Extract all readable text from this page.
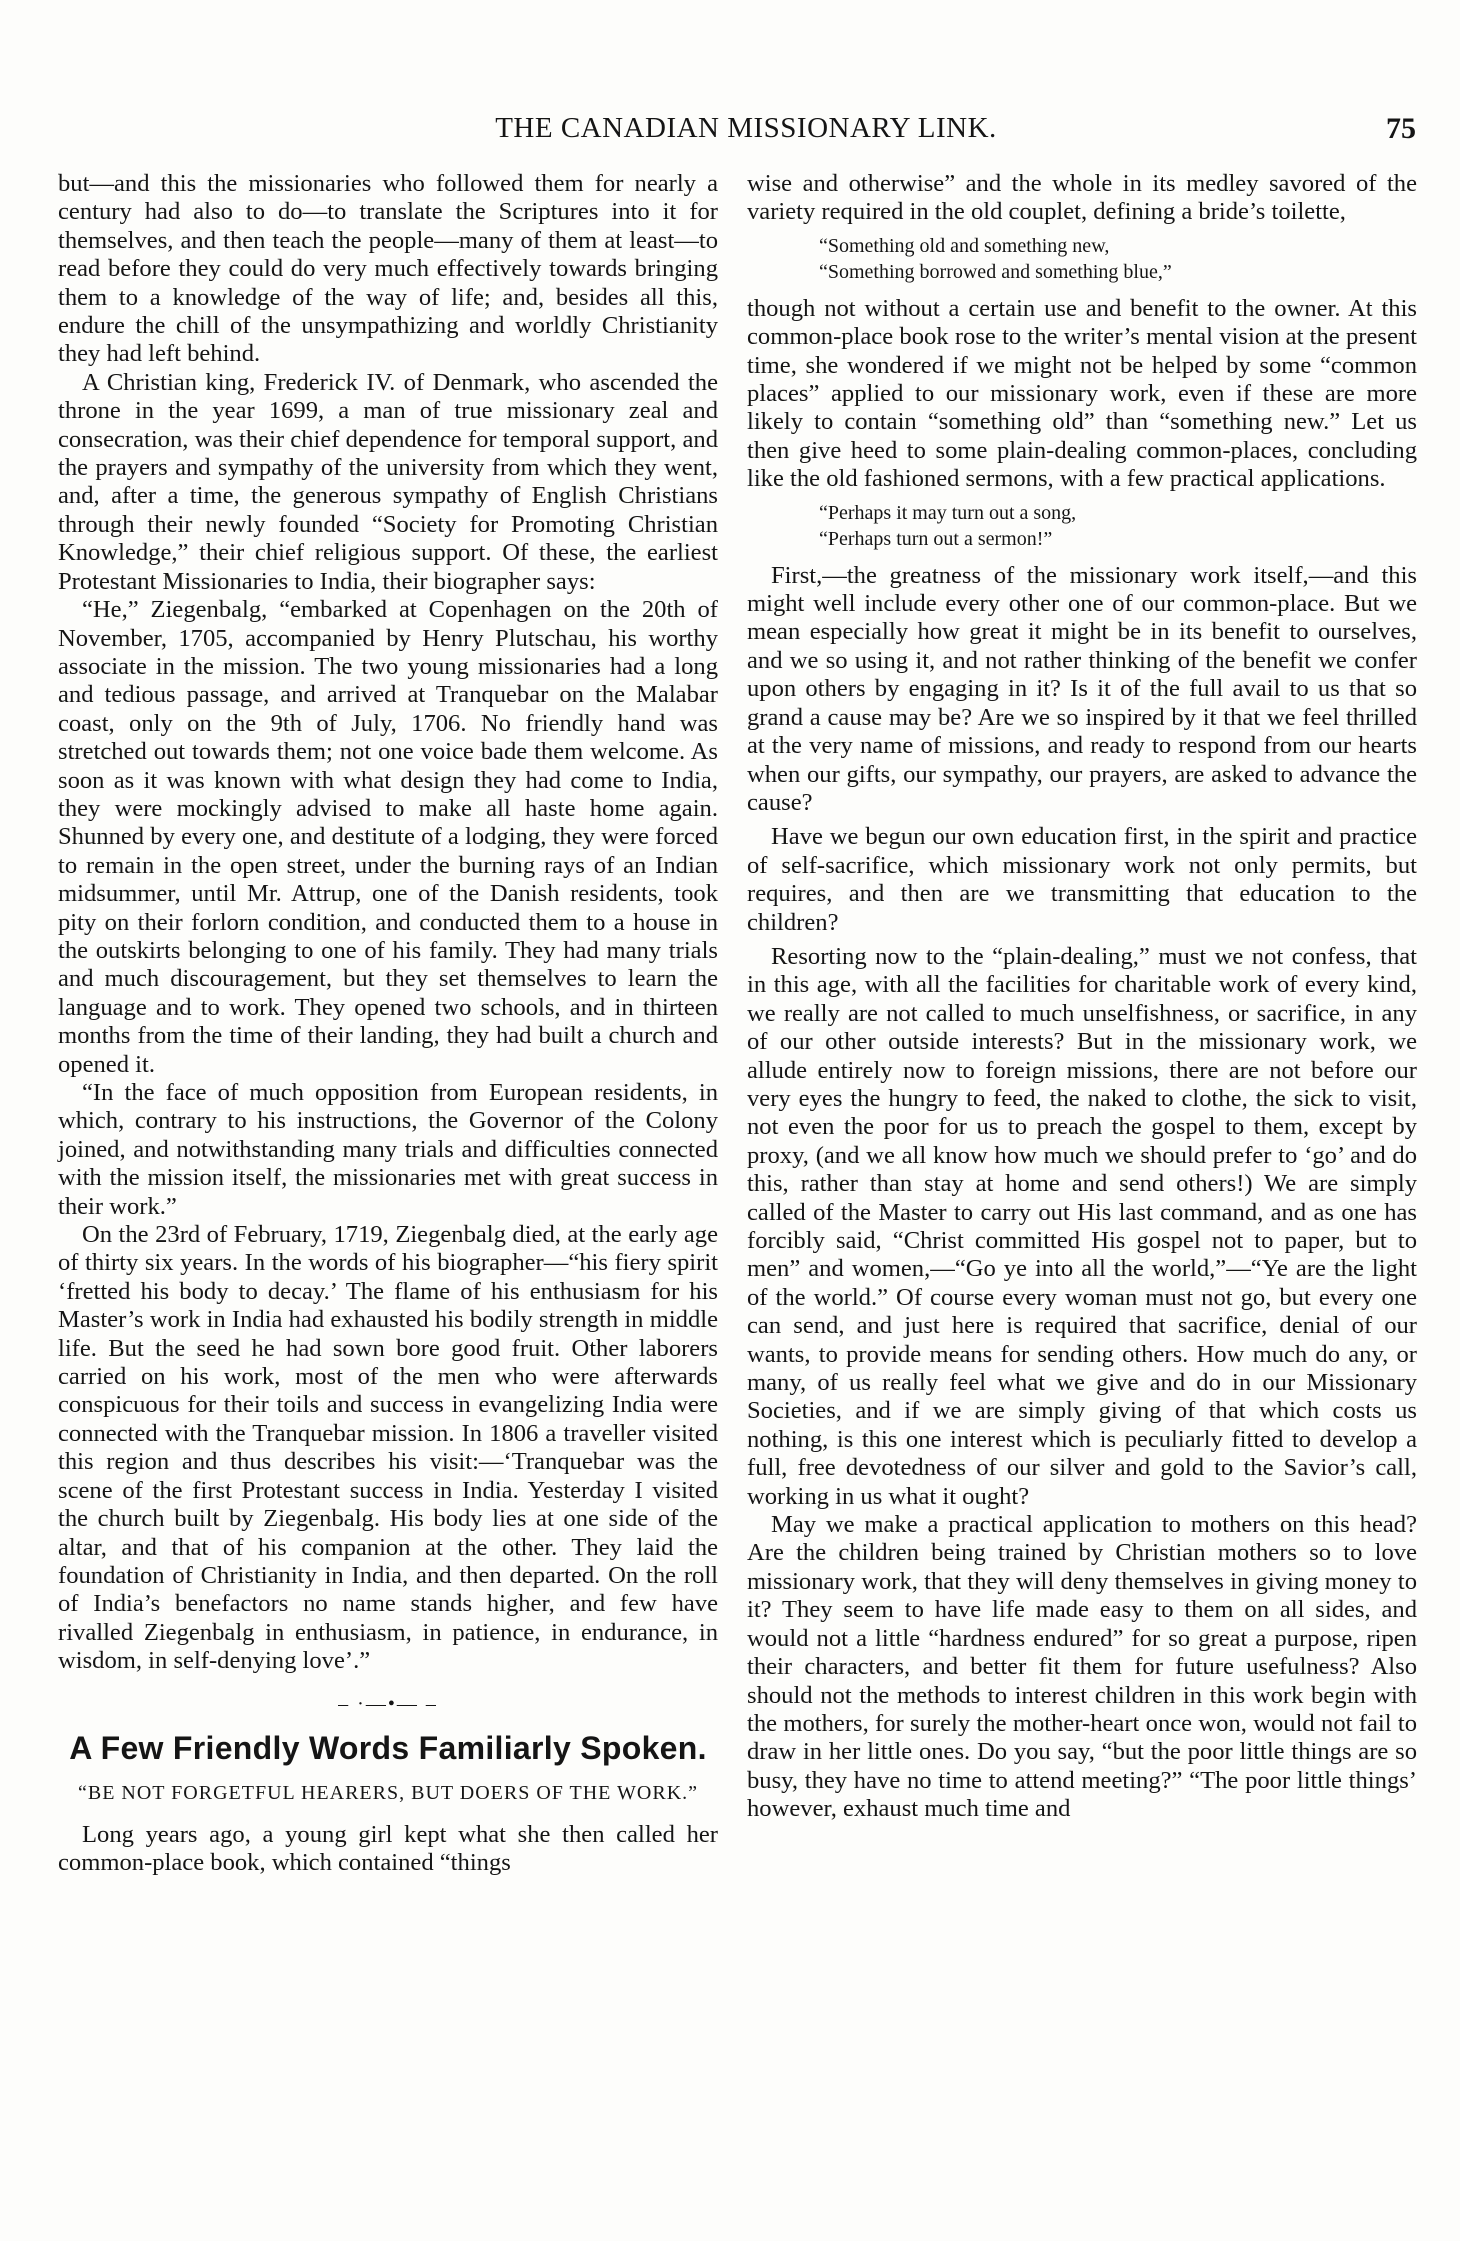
THE CANADIAN MISSIONARY LINK.	75

but—and this the missionaries who followed them for nearly a century had also to do—to translate the Scriptures into it for themselves, and then teach the people—many of them at least—to read before they could do very much effectively towards bringing them to a knowledge of the way of life; and, besides all this, endure the chill of the unsympathizing and worldly Christianity they had left behind.

A Christian king, Frederick IV. of Denmark, who ascended the throne in the year 1699, a man of true missionary zeal and consecration, was their chief dependence for temporal support, and the prayers and sympathy of the university from which they went, and, after a time, the generous sympathy of English Christians through their newly founded “Society for Promoting Christian Knowledge,” their chief religious support. Of these, the earliest Protestant Missionaries to India, their biographer says:

“He,” Ziegenbalg, “embarked at Copenhagen on the 20th of November, 1705, accompanied by Henry Plutschau, his worthy associate in the mission. The two young missionaries had a long and tedious passage, and arrived at Tranquebar on the Malabar coast, only on the 9th of July, 1706. No friendly hand was stretched out towards them; not one voice bade them welcome. As soon as it was known with what design they had come to India, they were mockingly advised to make all haste home again. Shunned by every one, and destitute of a lodging, they were forced to remain in the open street, under the burning rays of an Indian midsummer, until Mr. Attrup, one of the Danish residents, took pity on their forlorn condition, and conducted them to a house in the outskirts belonging to one of his family. They had many trials and much discouragement, but they set themselves to learn the language and to work. They opened two schools, and in thirteen months from the time of their landing, they had built a church and opened it.

“In the face of much opposition from European residents, in which, contrary to his instructions, the Governor of the Colony joined, and notwithstanding many trials and difficulties connected with the mission itself, the missionaries met with great success in their work.”

On the 23rd of February, 1719, Ziegenbalg died, at the early age of thirty six years. In the words of his biographer—“his fiery spirit ‘fretted his body to decay.’ The flame of his enthusiasm for his Master’s work in India had exhausted his bodily strength in middle life. But the seed he had sown bore good fruit. Other laborers carried on his work, most of the men who were afterwards conspicuous for their toils and success in evangelizing India were connected with the Tranquebar mission. In 1806 a traveller visited this region and thus describes his visit:—‘Tranquebar was the scene of the first Protestant success in India. Yesterday I visited the church built by Ziegenbalg. His body lies at one side of the altar, and that of his companion at the other. They laid the foundation of Christianity in India, and then departed. On the roll of India’s benefactors no name stands higher, and few have rivalled Ziegenbalg in enthusiasm, in patience, in endurance, in wisdom, in self-denying love’.”

– ·—•— –
A Few Friendly Words Familiarly Spoken.
“BE NOT FORGETFUL HEARERS, BUT DOERS OF THE WORK.”

Long years ago, a young girl kept what she then called her common-place book, which contained “things

wise and otherwise” and the whole in its medley savored of the variety required in the old couplet, defining a bride’s toilette,

“Something old and something new,
“Something borrowed and something blue,”

though not without a certain use and benefit to the owner. At this common-place book rose to the writer’s mental vision at the present time, she wondered if we might not be helped by some “common places” applied to our missionary work, even if these are more likely to contain “something old” than “something new.” Let us then give heed to some plain-dealing common-places, concluding like the old fashioned sermons, with a few practical applications.

“Perhaps it may turn out a song,
“Perhaps turn out a sermon!”

First,—the greatness of the missionary work itself,—and this might well include every other one of our common-place. But we mean especially how great it might be in its benefit to ourselves, and we so using it, and not rather thinking of the benefit we confer upon others by engaging in it? Is it of the full avail to us that so grand a cause may be? Are we so inspired by it that we feel thrilled at the very name of missions, and ready to respond from our hearts when our gifts, our sympathy, our prayers, are asked to advance the cause?

Have we begun our own education first, in the spirit and practice of self-sacrifice, which missionary work not only permits, but requires, and then are we transmitting that education to the children?

Resorting now to the “plain-dealing,” must we not confess, that in this age, with all the facilities for charitable work of every kind, we really are not called to much unselfishness, or sacrifice, in any of our other outside interests? But in the missionary work, we allude entirely now to foreign missions, there are not before our very eyes the hungry to feed, the naked to clothe, the sick to visit, not even the poor for us to preach the gospel to them, except by proxy, (and we all know how much we should prefer to ‘go’ and do this, rather than stay at home and send others!) We are simply called of the Master to carry out His last command, and as one has forcibly said, “Christ committed His gospel not to paper, but to men” and women,—“Go ye into all the world,”—“Ye are the light of the world.” Of course every woman must not go, but every one can send, and just here is required that sacrifice, denial of our wants, to provide means for sending others. How much do any, or many, of us really feel what we give and do in our Missionary Societies, and if we are simply giving of that which costs us nothing, is this one interest which is peculiarly fitted to develop a full, free devotedness of our silver and gold to the Savior’s call, working in us what it ought?

May we make a practical application to mothers on this head? Are the children being trained by Christian mothers so to love missionary work, that they will deny themselves in giving money to it? They seem to have life made easy to them on all sides, and would not a little “hardness endured” for so great a purpose, ripen their characters, and better fit them for future usefulness? Also should not the methods to interest children in this work begin with the mothers, for surely the mother-heart once won, would not fail to draw in her little ones. Do you say, “but the poor little things are so busy, they have no time to attend meeting?” “The poor little things’ however, exhaust much time and
